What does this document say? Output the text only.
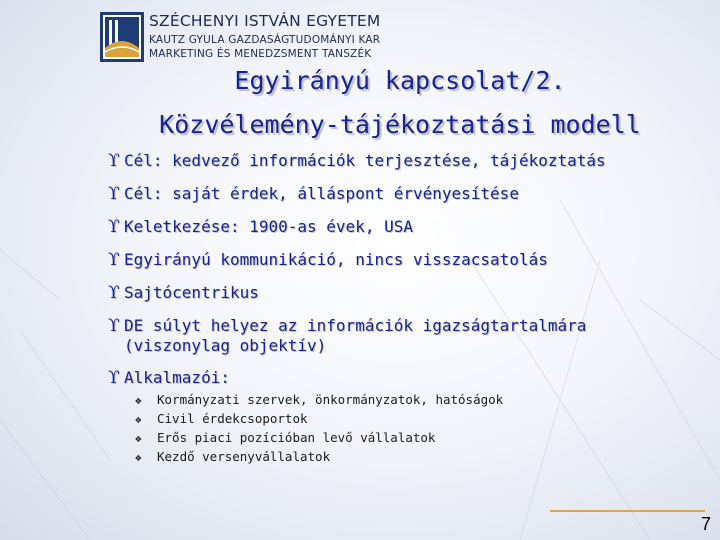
SZÉCHENYI ISTVÁN EGYETEM
KAUTZ GYULA GAZDASÁGTUDOMÁNYI KAR
MARKETING ÉS MENEDZSMENT TANSZÉK
Egyirányú kapcsolat/2.
Közvélemény-tájékoztatási modell
ϒ Cél: kedvező információk terjesztése, tájékoztatás
ϒ Cél: saját érdek, álláspont érvényesítése
ϒ Keletkezése: 1900-as évek, USA
ϒ Egyirányú kommunikáció, nincs visszacsatolás
ϒ Sajtócentrikus
ϒ DE súlyt helyez az információk igazságtartalmára
(viszonylag objektív)
ϒ Alkalmazói:
❖ Kormányzati szervek, önkormányzatok, hatóságok
❖ Civil érdekcsoportok
❖ Erős piaci pozícióban levő vállalatok
❖ Kezdő versenyvállalatok
7
